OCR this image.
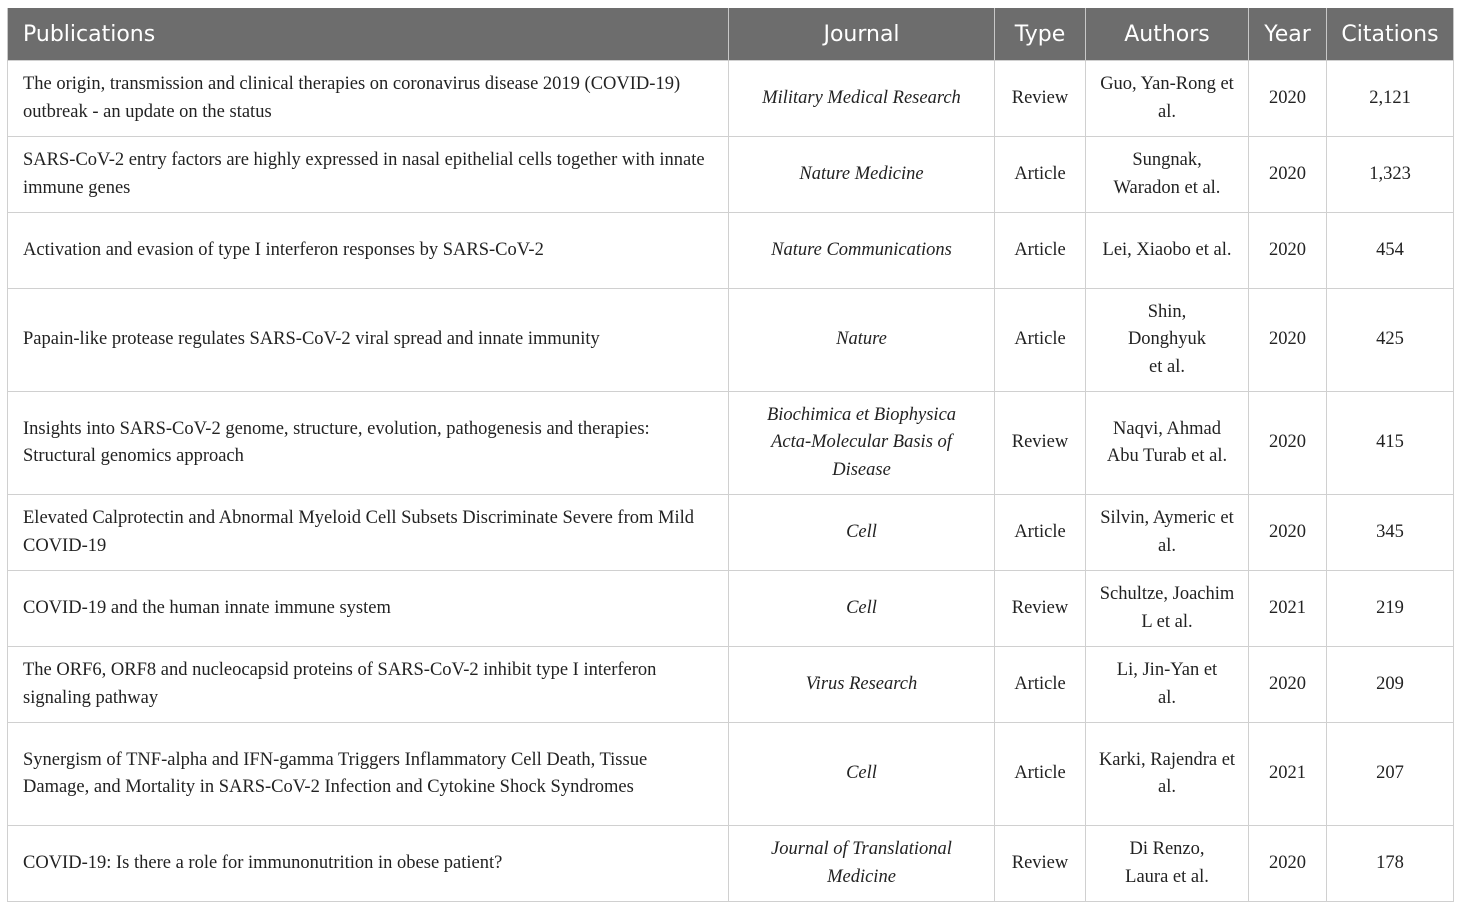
Publications	Journal	Type	Authors	Year	Citations
The origin, transmission and clinical therapies on coronavirus disease 2019 (COVID-19) outbreak - an update on the status	Military Medical Research	Review	Guo, Yan-Rong et al.	2020	2,121
SARS-CoV-2 entry factors are highly expressed in nasal epithelial cells together with innate immune genes	Nature Medicine	Article	Sungnak, Waradon et al.	2020	1,323
Activation and evasion of type I interferon responses by SARS-CoV-2	Nature Communications	Article	Lei, Xiaobo et al.	2020	454
Papain-like protease regulates SARS-CoV-2 viral spread and innate immunity	Nature	Article	Shin, Donghyuk et al.	2020	425
Insights into SARS-CoV-2 genome, structure, evolution, pathogenesis and therapies: Structural genomics approach	Biochimica et Biophysica Acta-Molecular Basis of Disease	Review	Naqvi, Ahmad Abu Turab et al.	2020	415
Elevated Calprotectin and Abnormal Myeloid Cell Subsets Discriminate Severe from Mild COVID-19	Cell	Article	Silvin, Aymeric et al.	2020	345
COVID-19 and the human innate immune system	Cell	Review	Schultze, Joachim L et al.	2021	219
The ORF6, ORF8 and nucleocapsid proteins of SARS-CoV-2 inhibit type I interferon signaling pathway	Virus Research	Article	Li, Jin-Yan et al.	2020	209
Synergism of TNF-alpha and IFN-gamma Triggers Inflammatory Cell Death, Tissue Damage, and Mortality in SARS-CoV-2 Infection and Cytokine Shock Syndromes	Cell	Article	Karki, Rajendra et al.	2021	207
COVID-19: Is there a role for immunonutrition in obese patient?	Journal of Translational Medicine	Review	Di Renzo, Laura et al.	2020	178
